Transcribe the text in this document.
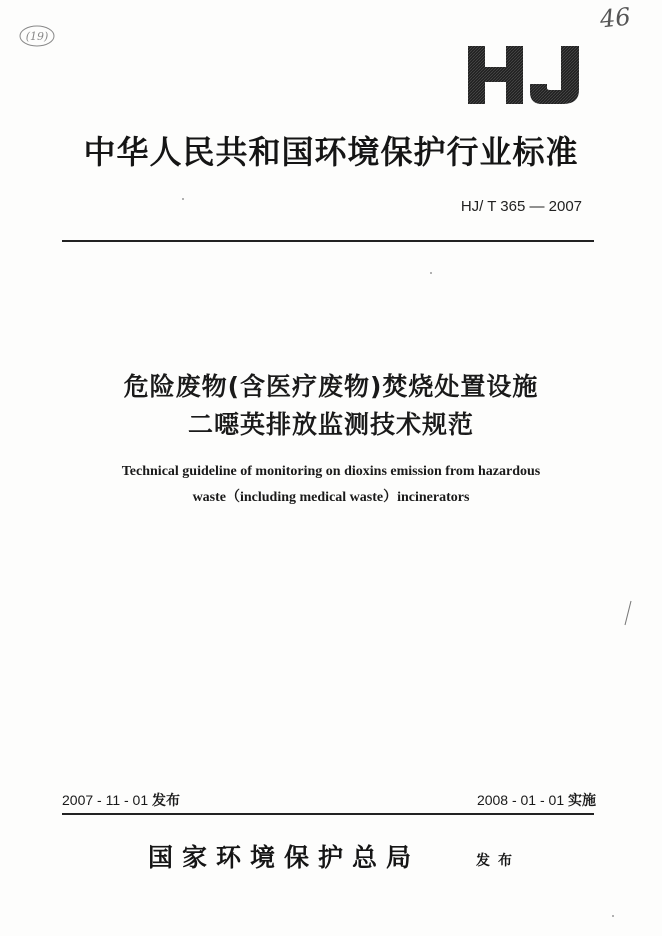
46
(19)
中华人民共和国环境保护行业标准
HJ/ T 365 — 2007
危险废物(含医疗废物)焚烧处置设施
二噁英排放监测技术规范
Technical guideline of monitoring on dioxins emission from hazardous
waste（including medical waste）incinerators
2007 - 11 - 01 发布	2008 - 01 - 01 实施
国家环境保护总局	发布
